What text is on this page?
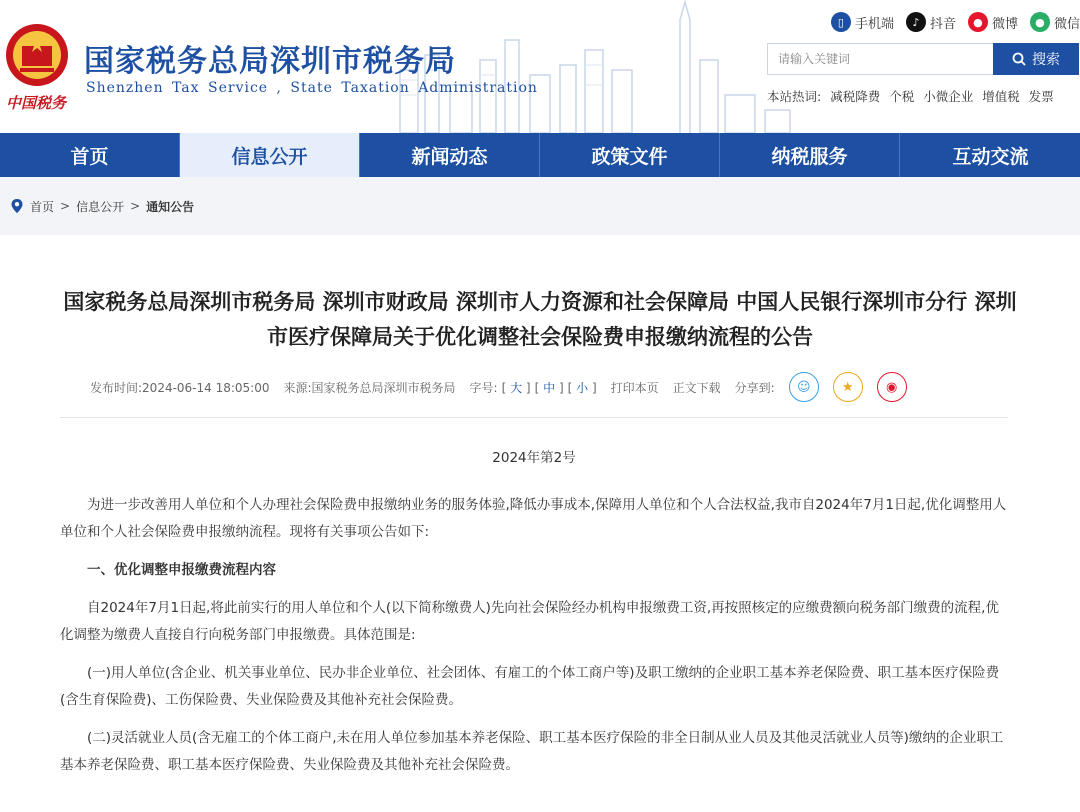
中国税务
国家税务总局深圳市税务局
Shenzhen Tax Service , State Taxation Administration
▯ 手机端	♪ 抖音	● 微博	● 微信
请输入关键词
搜索
本站热词: 减税降费 个税 小微企业 增值税 发票
首页	信息公开	新闻动态	政策文件	纳税服务	互动交流
首页 > 信息公开 > 通知公告
国家税务总局深圳市税务局 深圳市财政局 深圳市人力资源和社会保障局 中国人民银行深圳市分行 深圳市医疗保障局关于优化调整社会保险费申报缴纳流程的公告
发布时间:2024-06-14 18:05:00 来源:国家税务总局深圳市税务局 字号: [ 大 ] [ 中 ] [ 小 ] 打印本页 正文下载 分享到:	☺	★	◉

2024年第2号

为进一步改善用人单位和个人办理社会保险费申报缴纳业务的服务体验,降低办事成本,保障用人单位和个人合法权益,我市自2024年7月1日起,优化调整用人单位和个人社会保险费申报缴纳流程。现将有关事项公告如下:

一、优化调整申报缴费流程内容

自2024年7月1日起,将此前实行的用人单位和个人(以下简称缴费人)先向社会保险经办机构申报缴费工资,再按照核定的应缴费额向税务部门缴费的流程,优化调整为缴费人直接自行向税务部门申报缴费。具体范围是:

(一)用人单位(含企业、机关事业单位、民办非企业单位、社会团体、有雇工的个体工商户等)及职工缴纳的企业职工基本养老保险费、职工基本医疗保险费(含生育保险费)、工伤保险费、失业保险费及其他补充社会保险费。

(二)灵活就业人员(含无雇工的个体工商户,未在用人单位参加基本养老保险、职工基本医疗保险的非全日制从业人员及其他灵活就业人员等)缴纳的企业职工基本养老保险费、职工基本医疗保险费、失业保险费及其他补充社会保险费。
